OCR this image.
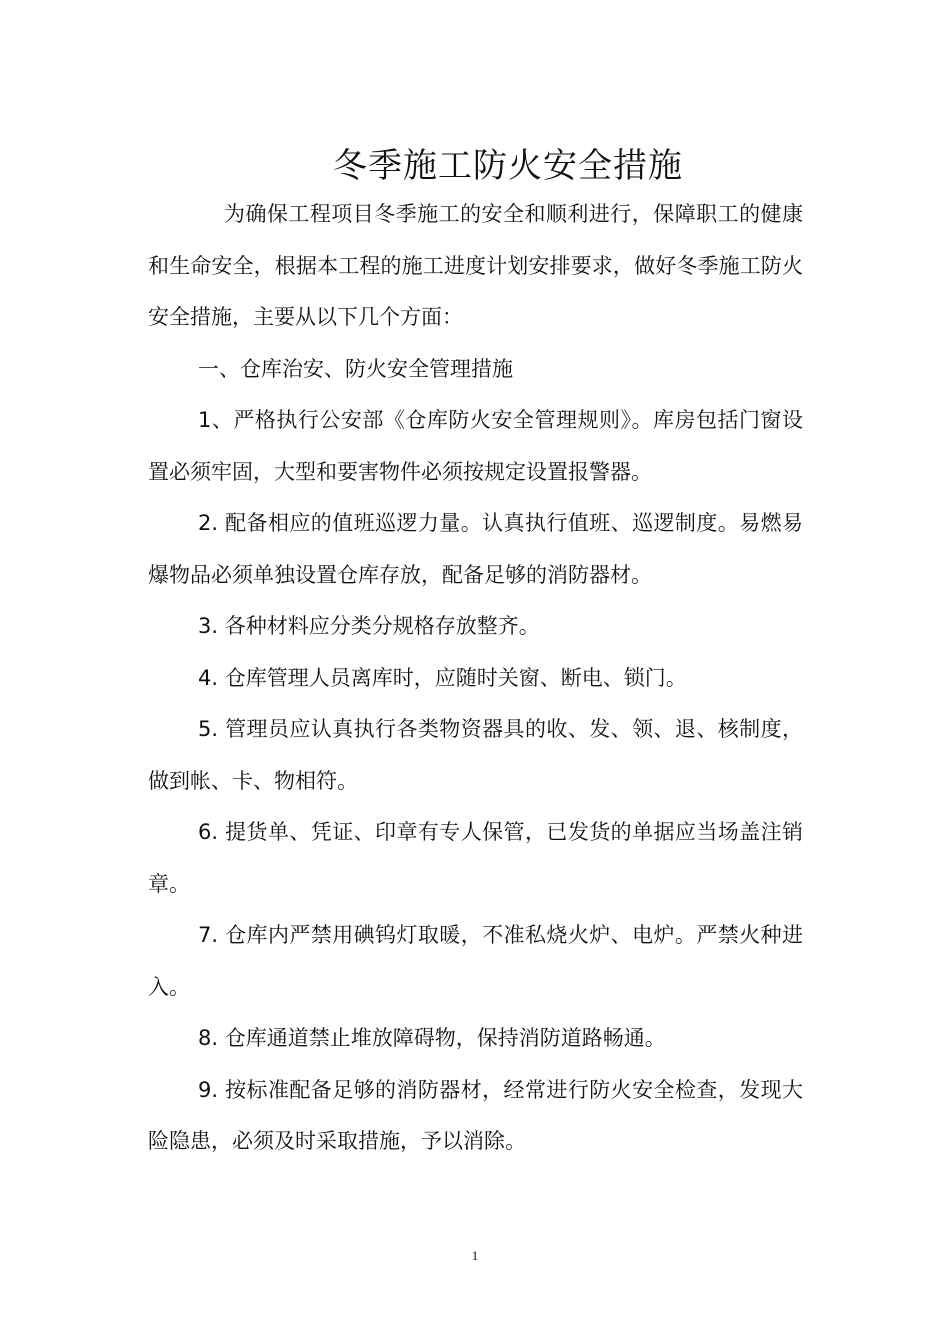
冬季施工防火安全措施

为确保工程项目冬季施工的安全和顺利进行，保障职工的健康和生命安全，根据本工程的施工进度计划安排要求，做好冬季施工防火安全措施，主要从以下几个方面：

一、仓库治安、防火安全管理措施

1、严格执行公安部《仓库防火安全管理规则》。库房包括门窗设置必须牢固，大型和要害物件必须按规定设置报警器。

2. 配备相应的值班巡逻力量。认真执行值班、巡逻制度。易燃易爆物品必须单独设置仓库存放，配备足够的消防器材。

3. 各种材料应分类分规格存放整齐。

4. 仓库管理人员离库时，应随时关窗、断电、锁门。

5. 管理员应认真执行各类物资器具的收、发、领、退、核制度，做到帐、卡、物相符。

6. 提货单、凭证、印章有专人保管，已发货的单据应当场盖注销章。

7. 仓库内严禁用碘钨灯取暖，不准私烧火炉、电炉。严禁火种进入。

8. 仓库通道禁止堆放障碍物，保持消防道路畅通。

9. 按标准配备足够的消防器材，经常进行防火安全检查，发现大险隐患，必须及时采取措施，予以消除。

1
